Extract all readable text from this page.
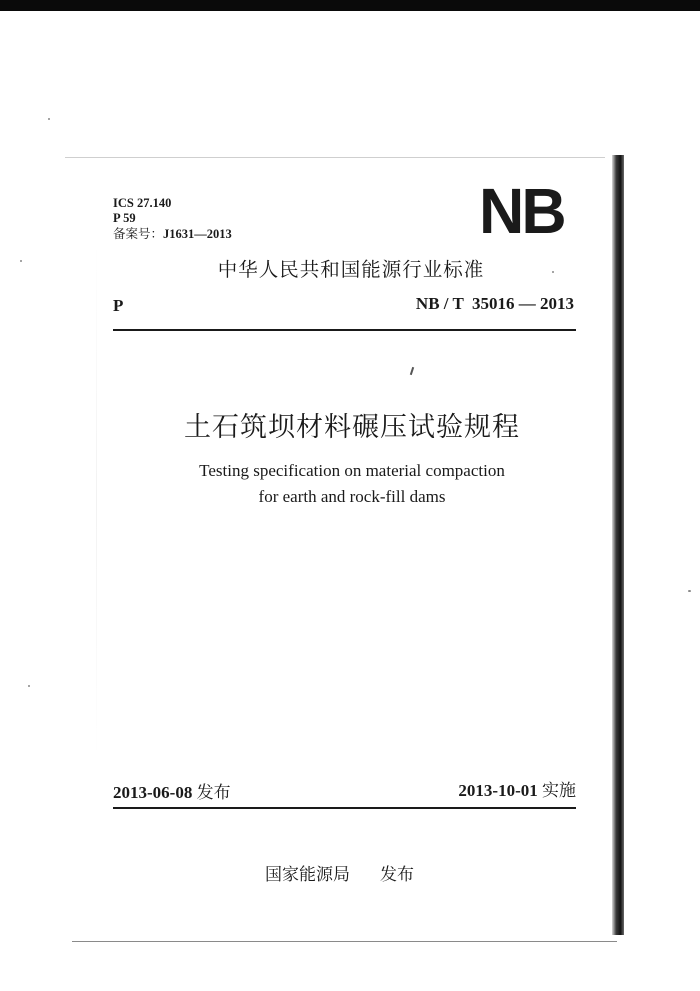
ICS 27.140
P 59
备案号：J1631—2013	NB
中华人民共和国能源行业标准
P	NB / T  35016 — 2013
土石筑坝材料碾压试验规程
Testing specification on material compaction
for earth and rock-fill dams
2013-06-08 发布	2013-10-01 实施
国家能源局 发布
